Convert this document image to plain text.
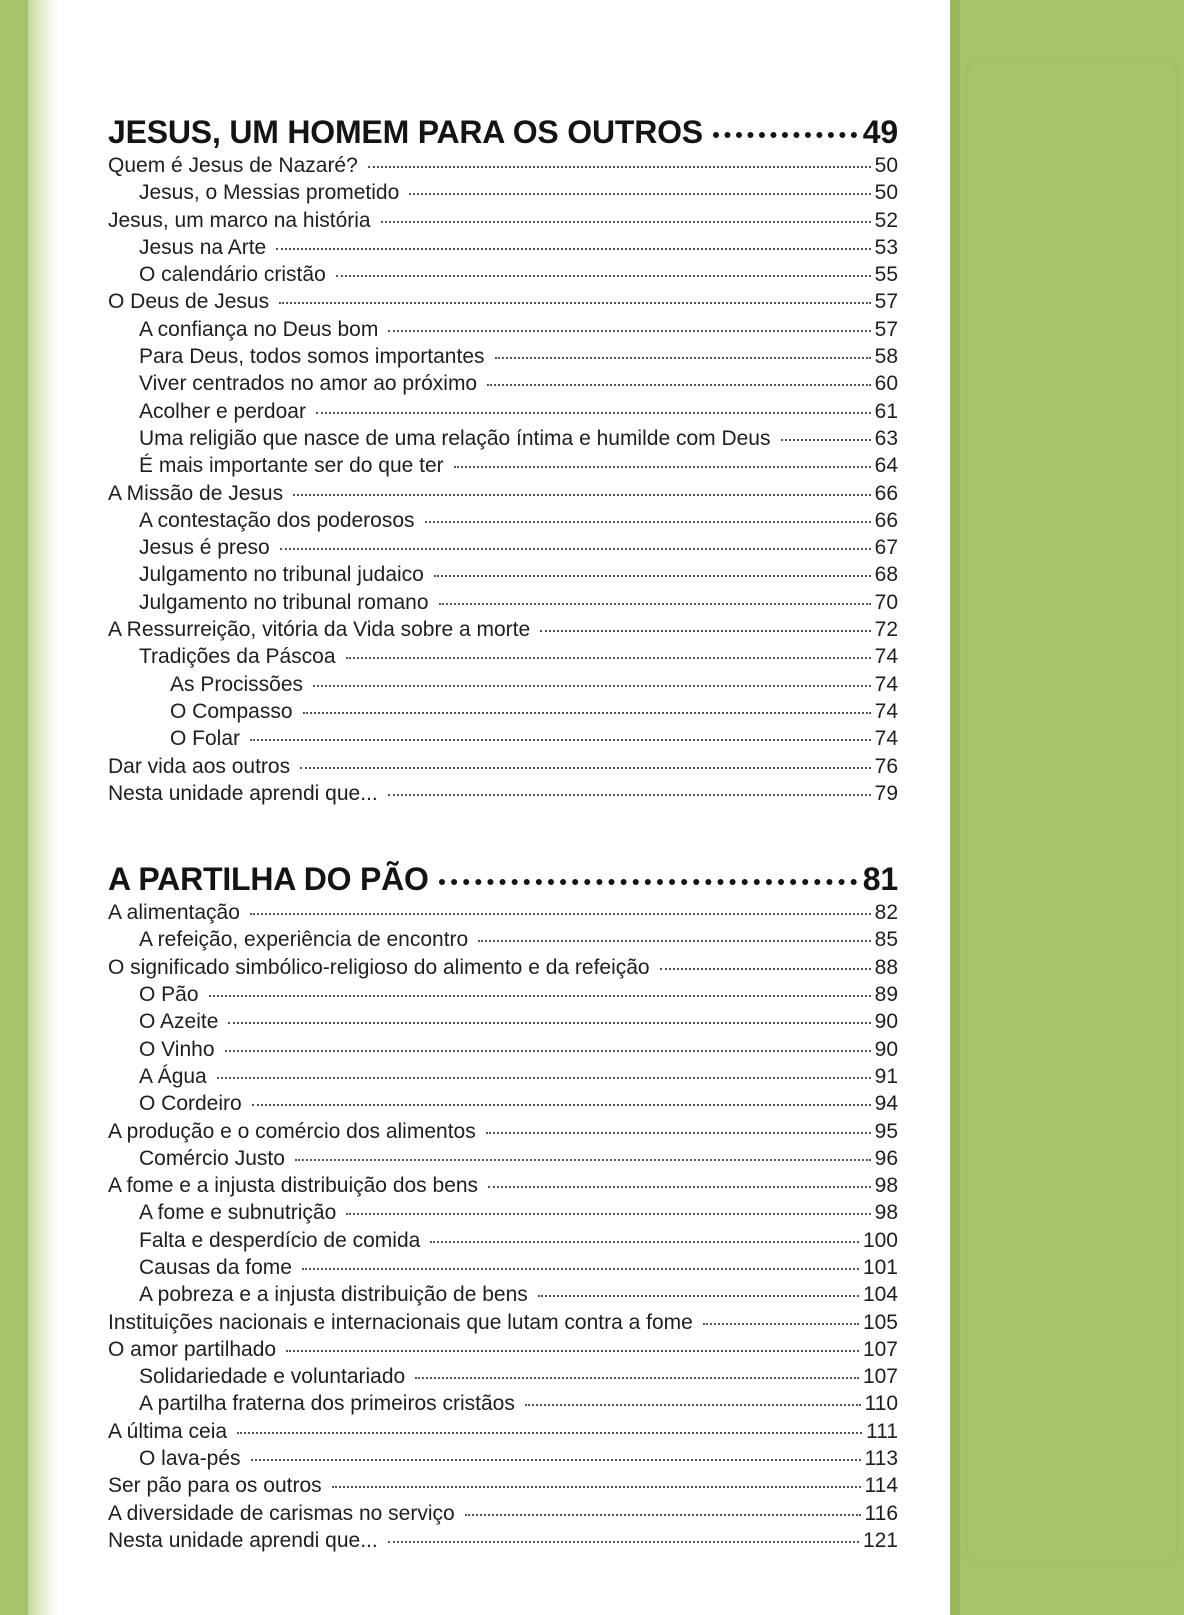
JESUS, UM HOMEM PARA OS OUTROS	49
Quem é Jesus de Nazaré?	50
Jesus, o Messias prometido	50
Jesus, um marco na história	52
Jesus na Arte	53
O calendário cristão	55
O Deus de Jesus	57
A confiança no Deus bom	57
Para Deus, todos somos importantes	58
Viver centrados no amor ao próximo	60
Acolher e perdoar	61
Uma religião que nasce de uma relação íntima e humilde com Deus	63
É mais importante ser do que ter	64
A Missão de Jesus	66
A contestação dos poderosos	66
Jesus é preso	67
Julgamento no tribunal judaico	68
Julgamento no tribunal romano	70
A Ressurreição, vitória da Vida sobre a morte	72
Tradições da Páscoa	74
As Procissões	74
O Compasso	74
O Folar	74
Dar vida aos outros	76
Nesta unidade aprendi que...	79
A PARTILHA DO PÃO	81
A alimentação	82
A refeição, experiência de encontro	85
O significado simbólico-religioso do alimento e da refeição	88
O Pão	89
O Azeite	90
O Vinho	90
A Água	91
O Cordeiro	94
A produção e o comércio dos alimentos	95
Comércio Justo	96
A fome e a injusta distribuição dos bens	98
A fome e subnutrição	98
Falta e desperdício de comida	100
Causas da fome	101
A pobreza e a injusta distribuição de bens	104
Instituições nacionais e internacionais que lutam contra a fome	105
O amor partilhado	107
Solidariedade e voluntariado	107
A partilha fraterna dos primeiros cristãos	110
A última ceia	111
O lava-pés	113
Ser pão para os outros	114
A diversidade de carismas no serviço	116
Nesta unidade aprendi que...	121
